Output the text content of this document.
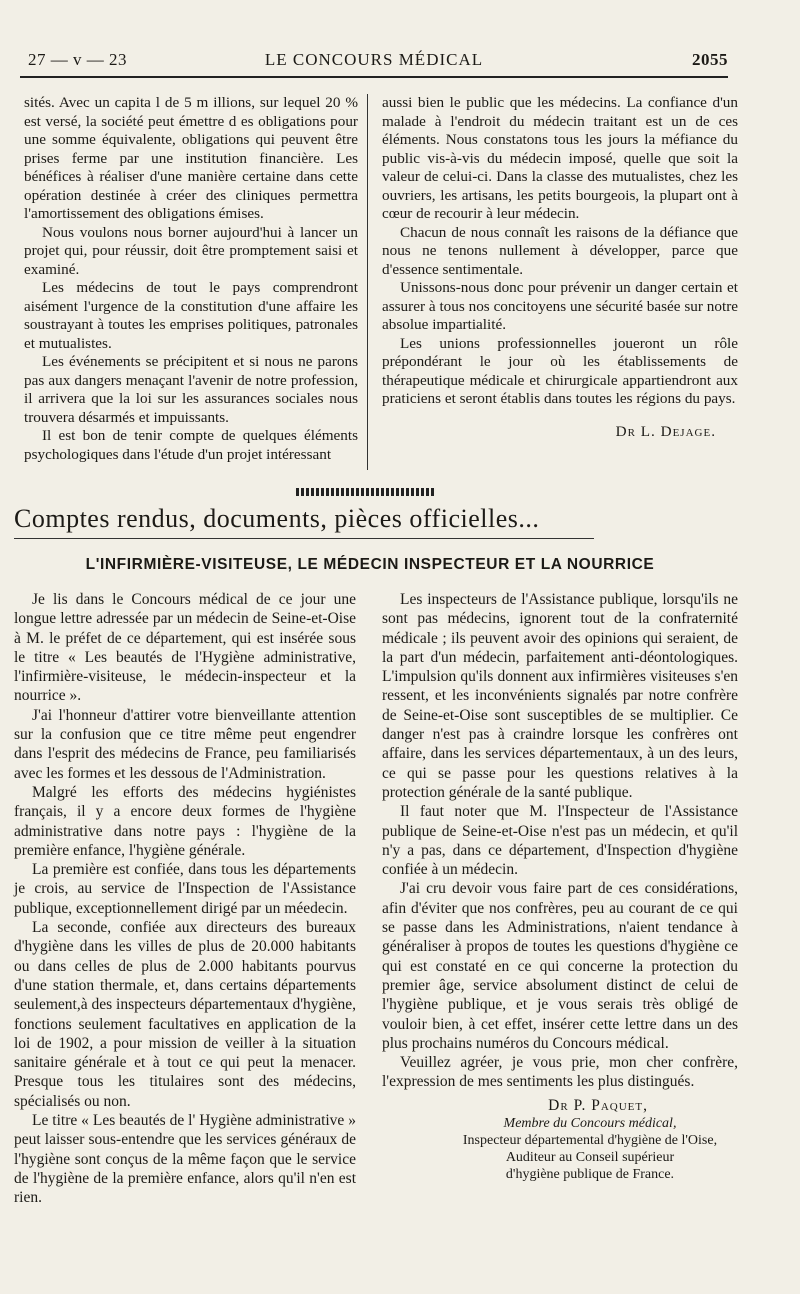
27 — v — 23	LE CONCOURS MÉDICAL	2055

sités. Avec un capita l de 5 m illions, sur lequel 20 % est versé, la société peut émettre d es obligations pour une somme équivalente, obligations qui peuvent être prises ferme par une institution financière. Les bénéfices à réaliser d'une manière certaine dans cette opération destinée à créer des cliniques permettra l'amortissement des obligations émises.

Nous voulons nous borner aujourd'hui à lancer un projet qui, pour réussir, doit être promptement saisi et examiné.

Les médecins de tout le pays comprendront aisément l'urgence de la constitution d'une affaire les soustrayant à toutes les emprises politiques, patronales et mutualistes.

Les événements se précipitent et si nous ne parons pas aux dangers menaçant l'avenir de notre profession, il arrivera que la loi sur les assurances sociales nous trouvera désarmés et impuissants.

Il est bon de tenir compte de quelques éléments psychologiques dans l'étude d'un projet intéressant

aussi bien le public que les médecins. La confiance d'un malade à l'endroit du médecin traitant est un de ces éléments. Nous constatons tous les jours la méfiance du public vis-à-vis du médecin imposé, quelle que soit la valeur de celui-ci. Dans la classe des mutualistes, chez les ouvriers, les artisans, les petits bourgeois, la plupart ont à cœur de recourir à leur médecin.

Chacun de nous connaît les raisons de la défiance que nous ne tenons nullement à développer, parce que d'essence sentimentale.

Unissons-nous donc pour prévenir un danger certain et assurer à tous nos concitoyens une sécurité basée sur notre absolue impartialité.

Les unions professionnelles joueront un rôle prépondérant le jour où les établissements de thérapeutique médicale et chirurgicale appartiendront aux praticiens et seront établis dans toutes les régions du pays.

Dr L. Dejage.

Comptes rendus, documents, pièces officielles...
L'INFIRMIÈRE-VISITEUSE, LE MÉDECIN INSPECTEUR ET LA NOURRICE

Je lis dans le Concours médical de ce jour une longue lettre adressée par un médecin de Seine-et-Oise à M. le préfet de ce département, qui est insérée sous le titre « Les beautés de l'Hygiène administrative, l'infirmière-visiteuse, le médecin-inspecteur et la nourrice ».

J'ai l'honneur d'attirer votre bienveillante attention sur la confusion que ce titre même peut engendrer dans l'esprit des médecins de France, peu familiarisés avec les formes et les dessous de l'Administration.

Malgré les efforts des médecins hygiénistes français, il y a encore deux formes de l'hygiène administrative dans notre pays : l'hygiène de la première enfance, l'hygiène générale.

La première est confiée, dans tous les départements je crois, au service de l'Inspection de l'Assistance publique, exceptionnellement dirigé par un méedecin.

La seconde, confiée aux directeurs des bureaux d'hygiène dans les villes de plus de 20.000 habitants ou dans celles de plus de 2.000 habitants pourvus d'une station thermale, et, dans certains départements seulement,à des inspecteurs départementaux d'hygiène, fonctions seulement facultatives en application de la loi de 1902, a pour mission de veiller à la situation sanitaire générale et à tout ce qui peut la menacer. Presque tous les titulaires sont des médecins, spécialisés ou non.

Le titre « Les beautés de l' Hygiène administrative » peut laisser sous-entendre que les services généraux de l'hygiène sont conçus de la même façon que le service de l'hygiène de la première enfance, alors qu'il n'en est rien.

Les inspecteurs de l'Assistance publique, lorsqu'ils ne sont pas médecins, ignorent tout de la confraternité médicale ; ils peuvent avoir des opinions qui seraient, de la part d'un médecin, parfaitement anti-déontologiques. L'impulsion qu'ils donnent aux infirmières visiteuses s'en ressent, et les inconvénients signalés par notre confrère de Seine-et-Oise sont susceptibles de se multiplier. Ce danger n'est pas à craindre lorsque les confrères ont affaire, dans les services départementaux, à un des leurs, ce qui se passe pour les questions relatives à la protection générale de la santé publique.

Il faut noter que M. l'Inspecteur de l'Assistance publique de Seine-et-Oise n'est pas un médecin, et qu'il n'y a pas, dans ce département, d'Inspection d'hygiène confiée à un médecin.

J'ai cru devoir vous faire part de ces considérations, afin d'éviter que nos confrères, peu au courant de ce qui se passe dans les Administrations, n'aient tendance à généraliser à propos de toutes les questions d'hygiène ce qui est constaté en ce qui concerne la protection du premier âge, service absolument distinct de celui de l'hygiène publique, et je vous serais très obligé de vouloir bien, à cet effet, insérer cette lettre dans un des plus prochains numéros du Concours médical.

Veuillez agréer, je vous prie, mon cher confrère, l'expression de mes sentiments les plus distingués.

Dr P. Paquet,

Membre du Concours médical,

Inspecteur départemental d'hygiène de l'Oise,

Auditeur au Conseil supérieur

d'hygiène publique de France.
